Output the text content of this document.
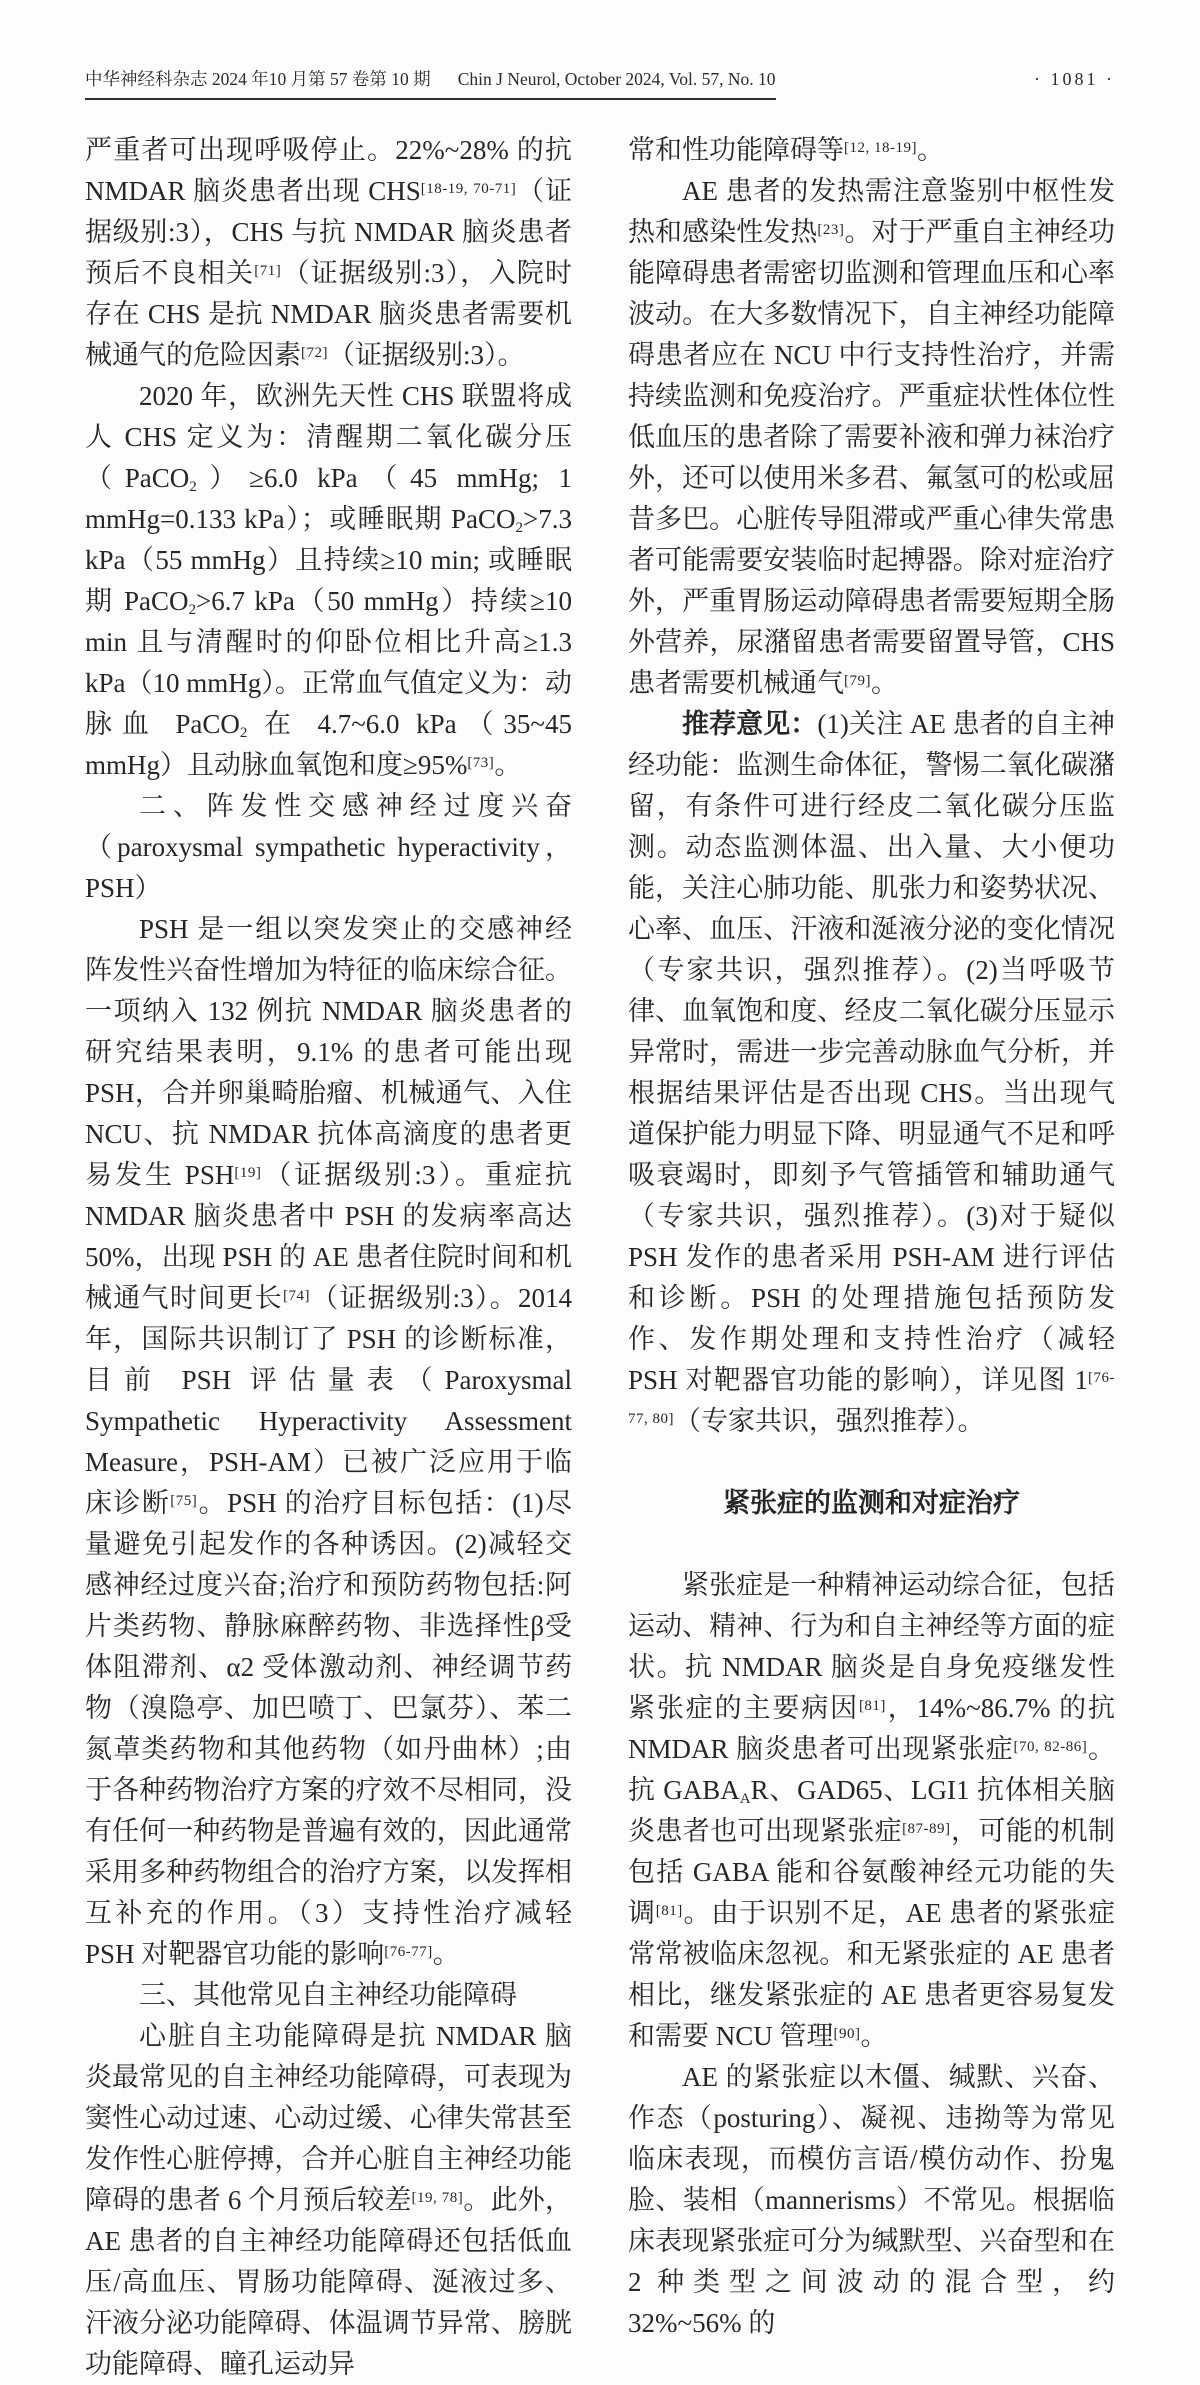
中华神经科杂志 2024 年10 月第 57 卷第 10 期 Chin J Neurol, October 2024, Vol. 57, No. 10	· 1081 ·

严重者可出现呼吸停止。22%~28% 的抗 NMDAR 脑炎患者出现 CHS[18-19, 70-71]（证据级别:3），CHS 与抗 NMDAR 脑炎患者预后不良相关[71]（证据级别:3），入院时存在 CHS 是抗 NMDAR 脑炎患者需要机械通气的危险因素[72]（证据级别:3）。

2020 年，欧洲先天性 CHS 联盟将成人 CHS 定义为：清醒期二氧化碳分压（PaCO$_2$）≥6.0 kPa（45 mmHg; 1 mmHg=0.133 kPa）；或睡眠期 PaCO$_2$>7.3 kPa（55 mmHg）且持续≥10 min; 或睡眠期 PaCO$_2$>6.7 kPa（50 mmHg）持续≥10 min 且与清醒时的仰卧位相比升高≥1.3 kPa（10 mmHg）。正常血气值定义为：动脉血 PaCO$_2$ 在 4.7~6.0 kPa（35~45 mmHg）且动脉血氧饱和度≥95%[73]。

二、阵发性交感神经过度兴奋（paroxysmal sympathetic hyperactivity，PSH）

PSH 是一组以突发突止的交感神经阵发性兴奋性增加为特征的临床综合征。一项纳入 132 例抗 NMDAR 脑炎患者的研究结果表明，9.1% 的患者可能出现 PSH，合并卵巢畸胎瘤、机械通气、入住 NCU、抗 NMDAR 抗体高滴度的患者更易发生 PSH[19]（证据级别:3）。重症抗 NMDAR 脑炎患者中 PSH 的发病率高达 50%，出现 PSH 的 AE 患者住院时间和机械通气时间更长[74]（证据级别:3）。2014 年，国际共识制订了 PSH 的诊断标准，目前 PSH 评估量表（Paroxysmal Sympathetic Hyperactivity Assessment Measure，PSH-AM）已被广泛应用于临床诊断[75]。PSH 的治疗目标包括：(1)尽量避免引起发作的各种诱因。(2)减轻交感神经过度兴奋;治疗和预防药物包括:阿片类药物、静脉麻醉药物、非选择性β受体阻滞剂、α2 受体激动剂、神经调节药物（溴隐亭、加巴喷丁、巴氯芬）、苯二氮䓬类药物和其他药物（如丹曲林）;由于各种药物治疗方案的疗效不尽相同，没有任何一种药物是普遍有效的，因此通常采用多种药物组合的治疗方案，以发挥相互补充的作用。（3）支持性治疗减轻 PSH 对靶器官功能的影响[76-77]。

三、其他常见自主神经功能障碍

心脏自主功能障碍是抗 NMDAR 脑炎最常见的自主神经功能障碍，可表现为窦性心动过速、心动过缓、心律失常甚至发作性心脏停搏，合并心脏自主神经功能障碍的患者 6 个月预后较差[19, 78]。此外，AE 患者的自主神经功能障碍还包括低血压/高血压、胃肠功能障碍、涎液过多、汗液分泌功能障碍、体温调节异常、膀胱功能障碍、瞳孔运动异

常和性功能障碍等[12, 18-19]。

AE 患者的发热需注意鉴别中枢性发热和感染性发热[23]。对于严重自主神经功能障碍患者需密切监测和管理血压和心率波动。在大多数情况下，自主神经功能障碍患者应在 NCU 中行支持性治疗，并需持续监测和免疫治疗。严重症状性体位性低血压的患者除了需要补液和弹力袜治疗外，还可以使用米多君、氟氢可的松或屈昔多巴。心脏传导阻滞或严重心律失常患者可能需要安装临时起搏器。除对症治疗外，严重胃肠运动障碍患者需要短期全肠外营养，尿潴留患者需要留置导管，CHS 患者需要机械通气[79]。

推荐意见：(1)关注 AE 患者的自主神经功能：监测生命体征，警惕二氧化碳潴留，有条件可进行经皮二氧化碳分压监测。动态监测体温、出入量、大小便功能，关注心肺功能、肌张力和姿势状况、心率、血压、汗液和涎液分泌的变化情况（专家共识，强烈推荐）。(2)当呼吸节律、血氧饱和度、经皮二氧化碳分压显示异常时，需进一步完善动脉血气分析，并根据结果评估是否出现 CHS。当出现气道保护能力明显下降、明显通气不足和呼吸衰竭时，即刻予气管插管和辅助通气（专家共识，强烈推荐）。(3)对于疑似 PSH 发作的患者采用 PSH-AM 进行评估和诊断。PSH 的处理措施包括预防发作、发作期处理和支持性治疗（减轻 PSH 对靶器官功能的影响），详见图 1[76-77, 80]（专家共识，强烈推荐）。

紧张症的监测和对症治疗

紧张症是一种精神运动综合征，包括运动、精神、行为和自主神经等方面的症状。抗 NMDAR 脑炎是自身免疫继发性紧张症的主要病因[81]，14%~86.7% 的抗 NMDAR 脑炎患者可出现紧张症[70, 82-86]。抗 $GABA_AR$、GAD65、LGI1 抗体相关脑炎患者也可出现紧张症[87-89]，可能的机制包括 GABA 能和谷氨酸神经元功能的失调[81]。由于识别不足，AE 患者的紧张症常常被临床忽视。和无紧张症的 AE 患者相比，继发紧张症的 AE 患者更容易复发和需要 NCU 管理[90]。

AE 的紧张症以木僵、缄默、兴奋、作态（posturing）、凝视、违拗等为常见临床表现，而模仿言语/模仿动作、扮鬼脸、装相（mannerisms）不常见。根据临床表现紧张症可分为缄默型、兴奋型和在 2 种类型之间波动的混合型，约 32%~56% 的
